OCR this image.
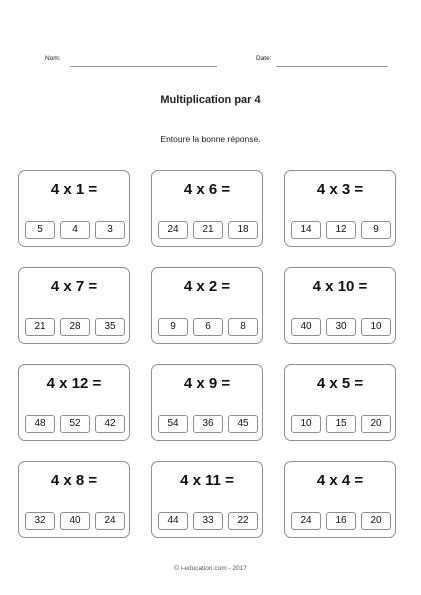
Nom:	Date:
Multiplication par 4
Entoure la bonne réponse.
4 x 1 =
5	4	3
4 x 6 =
24	21	18
4 x 3 =
14	12	9
4 x 7 =
21	28	35
4 x 2 =
9	6	8
4 x 10 =
40	30	10
4 x 12 =
48	52	42
4 x 9 =
54	36	45
4 x 5 =
10	15	20
4 x 8 =
32	40	24
4 x 11 =
44	33	22
4 x 4 =
24	16	20
© i-education.com - 2017
